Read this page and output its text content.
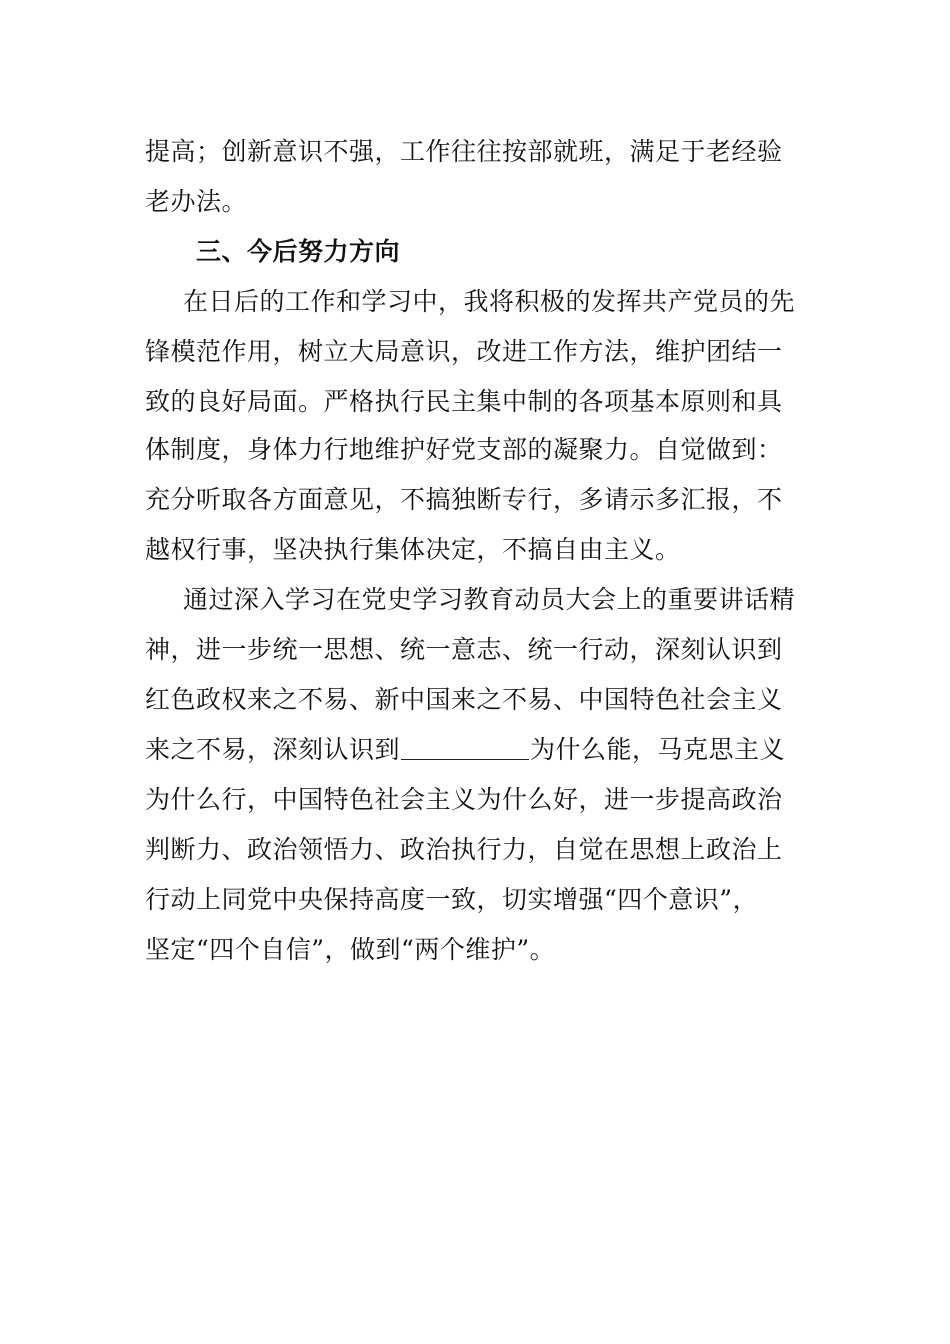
提高；创新意识不强，工作往往按部就班，满足于老经验
老办法。
三、今后努力方向
在日后的工作和学习中，我将积极的发挥共产党员的先
锋模范作用，树立大局意识，改进工作方法，维护团结一
致的良好局面。严格执行民主集中制的各项基本原则和具
体制度，身体力行地维护好党支部的凝聚力。自觉做到：
充分听取各方面意见，不搞独断专行，多请示多汇报，不
越权行事，坚决执行集体决定，不搞自由主义。
通过深入学习在党史学习教育动员大会上的重要讲话精
神，进一步统一思想、统一意志、统一行动，深刻认识到
红色政权来之不易、新中国来之不易、中国特色社会主义
来之不易，深刻认识到	为什么能，马克思主义
为什么行，中国特色社会主义为什么好，进一步提高政治
判断力、政治领悟力、政治执行力，自觉在思想上政治上
行动上同党中央保持高度一致，切实增强“四个意识”，
坚定“四个自信”，做到“两个维护”。
